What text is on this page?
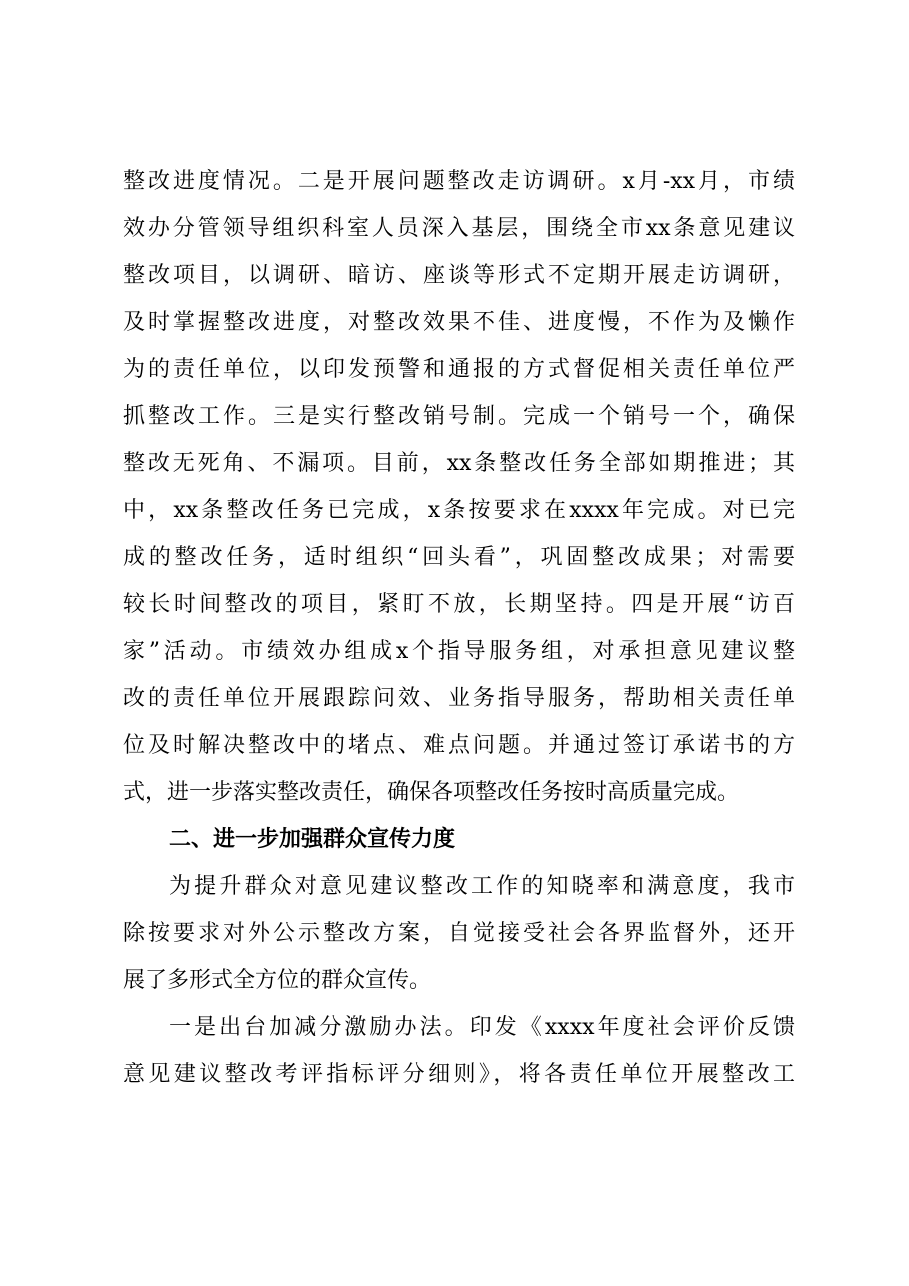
整改进度情况。二是开展问题整改走访调研。x月-xx月，市绩
效办分管领导组织科室人员深入基层，围绕全市xx条意见建议
整改项目，以调研、暗访、座谈等形式不定期开展走访调研，
及时掌握整改进度，对整改效果不佳、进度慢，不作为及懒作
为的责任单位，以印发预警和通报的方式督促相关责任单位严
抓整改工作。三是实行整改销号制。完成一个销号一个，确保
整改无死角、不漏项。目前，xx条整改任务全部如期推进；其
中，xx条整改任务已完成，x条按要求在xxxx年完成。对已完
成的整改任务，适时组织“回头看”，巩固整改成果；对需要
较长时间整改的项目，紧盯不放，长期坚持。四是开展“访百
家”活动。市绩效办组成x个指导服务组，对承担意见建议整
改的责任单位开展跟踪问效、业务指导服务，帮助相关责任单
位及时解决整改中的堵点、难点问题。并通过签订承诺书的方
式，进一步落实整改责任，确保各项整改任务按时高质量完成。
二、进一步加强群众宣传力度
为提升群众对意见建议整改工作的知晓率和满意度，我市
除按要求对外公示整改方案，自觉接受社会各界监督外，还开
展了多形式全方位的群众宣传。
一是出台加减分激励办法。印发《xxxx年度社会评价反馈
意见建议整改考评指标评分细则》，将各责任单位开展整改工
